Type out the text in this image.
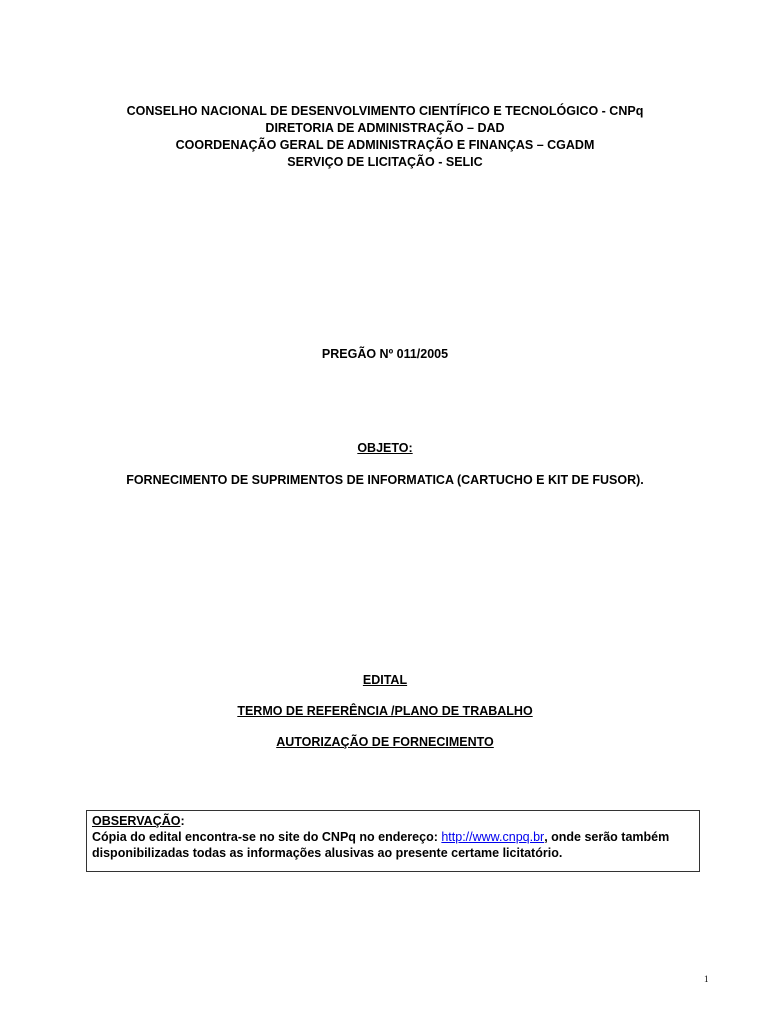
CONSELHO NACIONAL DE DESENVOLVIMENTO CIENTÍFICO E TECNOLÓGICO - CNPq
DIRETORIA DE ADMINISTRAÇÃO – DAD
COORDENAÇÃO GERAL DE ADMINISTRAÇÃO E FINANÇAS – CGADM
SERVIÇO DE LICITAÇÃO - SELIC
PREGÃO Nº 011/2005
OBJETO:
FORNECIMENTO DE SUPRIMENTOS DE INFORMATICA (CARTUCHO E KIT DE FUSOR).
EDITAL
TERMO DE REFERÊNCIA /PLANO DE TRABALHO
AUTORIZAÇÃO DE FORNECIMENTO
OBSERVAÇÃO:
Cópia do edital encontra-se no site do CNPq no endereço: http://www.cnpq.br, onde serão também disponibilizadas todas as informações alusivas ao presente certame licitatório.
1
